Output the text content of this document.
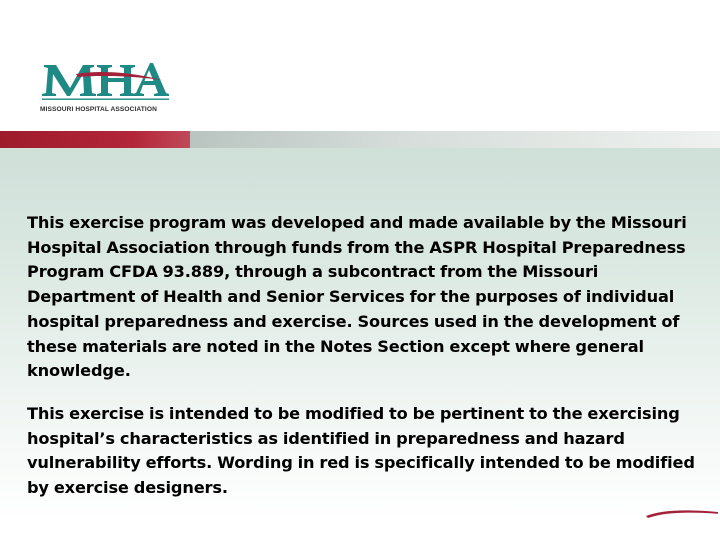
MISSOURI HOSPITAL ASSOCIATION
This exercise program was developed and made available by the Missouri Hospital Association through funds from the ASPR Hospital Preparedness Program CFDA 93.889, through a subcontract from the Missouri Department of Health and Senior Services for the purposes of individual hospital preparedness and exercise. Sources used in the development of these materials are noted in the Notes Section except where general knowledge.
This exercise is intended to be modified to be pertinent to the exercising hospital’s characteristics as identified in preparedness and hazard vulnerability efforts. Wording in red is specifically intended to be modified by exercise designers.
